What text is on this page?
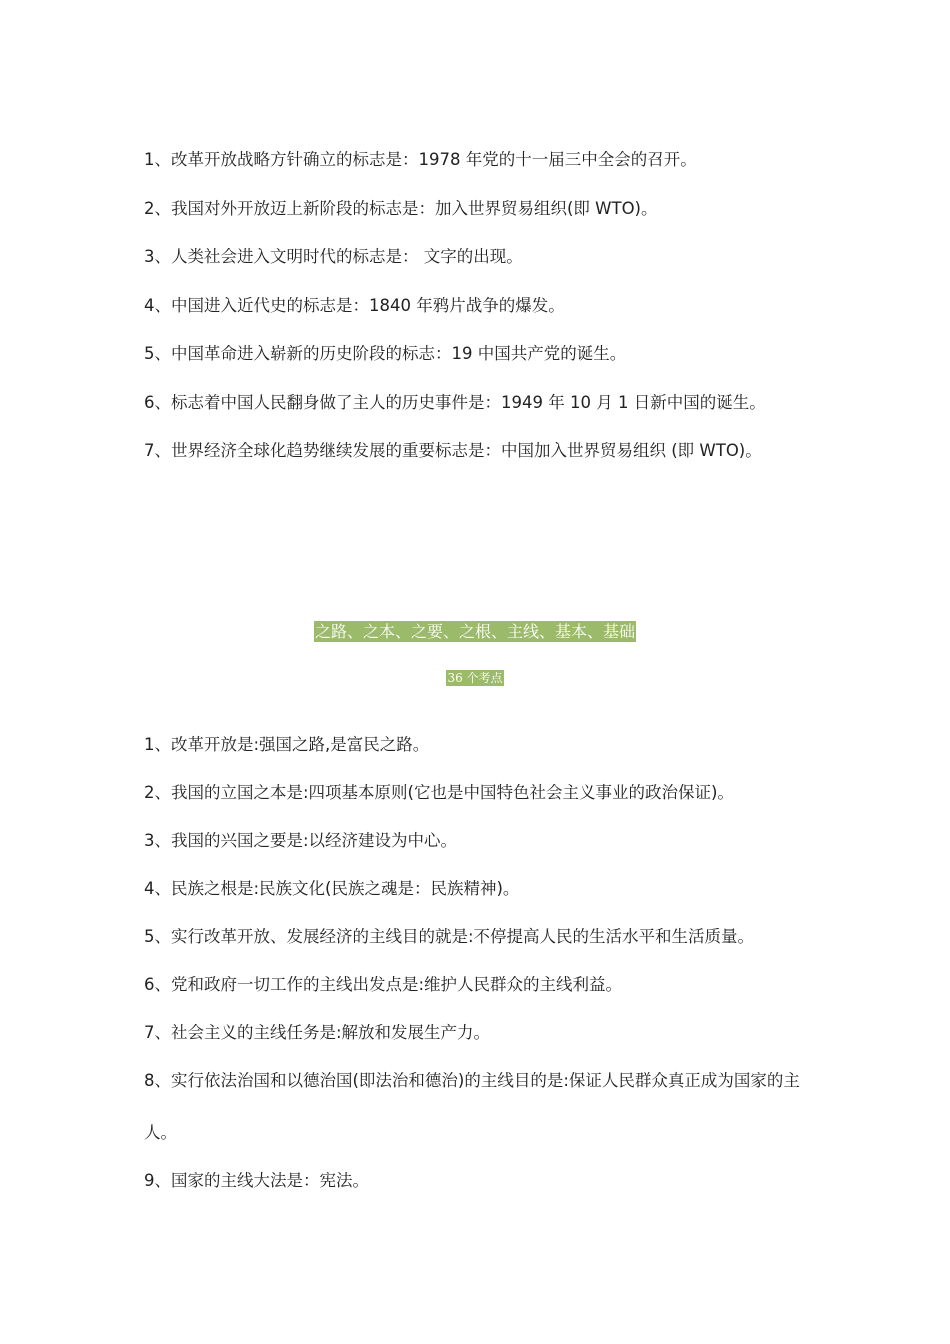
1、改革开放战略方针确立的标志是：1978 年党的十一届三中全会的召开。
2、我国对外开放迈上新阶段的标志是：加入世界贸易组织(即 WTO)。
3、人类社会进入文明时代的标志是： 文字的出现。
4、中国进入近代史的标志是：1840 年鸦片战争的爆发。
5、中国革命进入崭新的历史阶段的标志：19 中国共产党的诞生。
6、标志着中国人民翻身做了主人的历史事件是：1949 年 10 月 1 日新中国的诞生。
7、世界经济全球化趋势继续发展的重要标志是：中国加入世界贸易组织 (即 WTO)。
之路、之本、之要、之根、主线、基本、基础
36 个考点
1、改革开放是:强国之路,是富民之路。
2、我国的立国之本是:四项基本原则(它也是中国特色社会主义事业的政治保证)。
3、我国的兴国之要是:以经济建设为中心。
4、民族之根是:民族文化(民族之魂是：民族精神)。
5、实行改革开放、发展经济的主线目的就是:不停提高人民的生活水平和生活质量。
6、党和政府一切工作的主线出发点是:维护人民群众的主线利益。
7、社会主义的主线任务是:解放和发展生产力。
8、实行依法治国和以德治国(即法治和德治)的主线目的是:保证人民群众真正成为国家的主人。
9、国家的主线大法是：宪法。
